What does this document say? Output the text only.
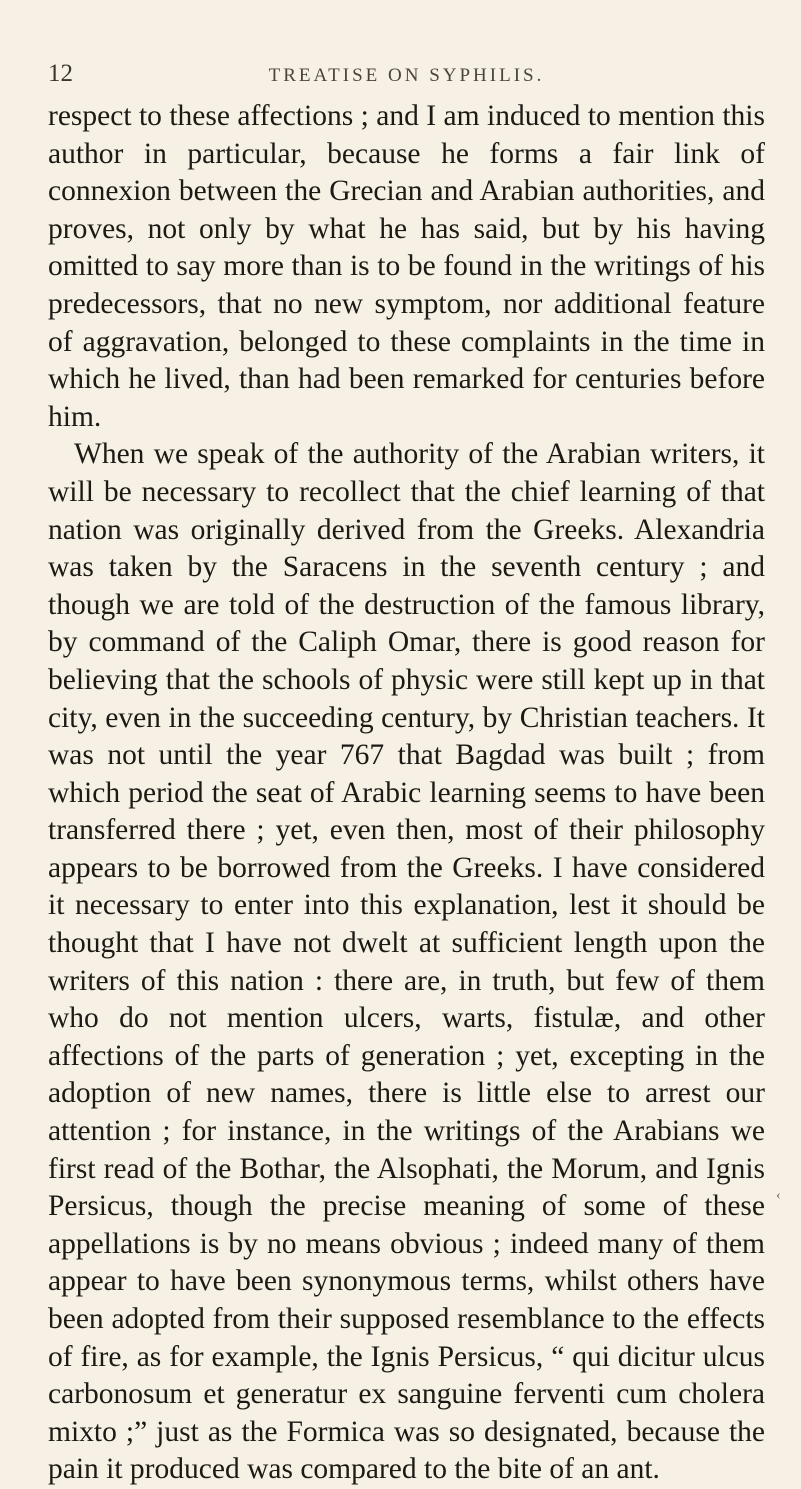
12	TREATISE ON SYPHILIS.

respect to these affections ; and I am induced to mention this author in particular, because he forms a fair link of connexion between the Grecian and Arabian authorities, and proves, not only by what he has said, but by his having omitted to say more than is to be found in the writings of his predecessors, that no new symptom, nor additional feature of aggravation, belonged to these complaints in the time in which he lived, than had been remarked for centuries before him.

When we speak of the authority of the Arabian writers, it will be necessary to recollect that the chief learning of that nation was originally derived from the Greeks. Alexandria was taken by the Saracens in the seventh century ; and though we are told of the destruction of the famous library, by command of the Caliph Omar, there is good reason for believing that the schools of physic were still kept up in that city, even in the succeeding century, by Christian teachers. It was not until the year 767 that Bagdad was built ; from which period the seat of Arabic learning seems to have been transferred there ; yet, even then, most of their philosophy appears to be borrowed from the Greeks. I have considered it necessary to enter into this explanation, lest it should be thought that I have not dwelt at sufficient length upon the writers of this nation : there are, in truth, but few of them who do not mention ulcers, warts, fistulæ, and other affections of the parts of generation ; yet, excepting in the adoption of new names, there is little else to arrest our attention ; for instance, in the writings of the Arabians we first read of the Bothar, the Alsophati, the Morum, and Ignis Persicus, though the precise meaning of some of these appellations is by no means obvious ; indeed many of them appear to have been synonymous terms, whilst others have been adopted from their supposed resemblance to the effects of fire, as for example, the Ignis Persicus, “ qui dicitur ulcus carbonosum et generatur ex sanguine ferventi cum cholera mixto ;” just as the Formica was so designated, because the pain it produced was compared to the bite of an ant.

‹
